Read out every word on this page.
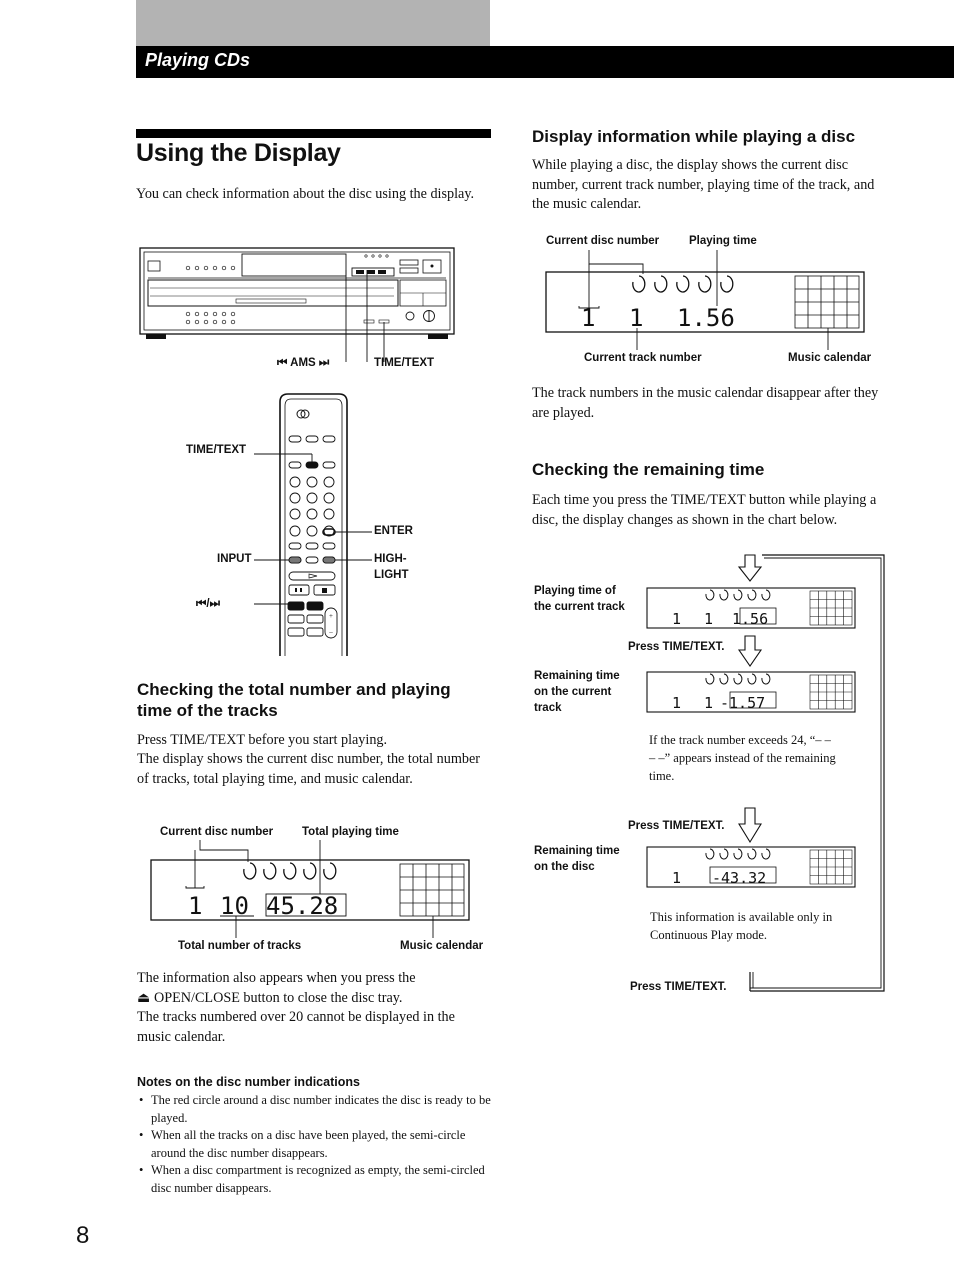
Playing CDs
Using the Display
You can check information about the disc using the display.
⏮ AMS ⏭	TIME/TEXT
+
–
TIME/TEXT
ENTER
INPUT	HIGH-
LIGHT
⏮/⏭
Checking the total number and playing time of the tracks
Press TIME/TEXT before you start playing.
The display shows the current disc number, the total number of tracks, total playing time, and music calendar.
Current disc number	Total playing time
1 10 45.28
Total number of tracks	Music calendar
The information also appears when you press the
⏏ OPEN/CLOSE button to close the disc tray.
The tracks numbered over 20 cannot be displayed in the music calendar.
Notes on the disc number indications
• The red circle around a disc number indicates the disc is ready to be played.
• When all the tracks on a disc have been played, the semi-circle around the disc number disappears.
• When a disc compartment is recognized as empty, the semi-circled disc number disappears.
Display information while playing a disc
While playing a disc, the display shows the current disc number, current track number, playing time of the track, and the music calendar.
Current disc number	Playing time
1 1 1.56
Current track number	Music calendar
The track numbers in the music calendar disappear after they are played.
Checking the remaining time
Each time you press the TIME/TEXT button while playing a disc, the display changes as shown in the chart below.
1 1 1.56
1 1 -1.57
1 -43.32
Playing time of
the current track
Press TIME/TEXT.
Remaining time
on the current
track
If the track number exceeds 24, “– – – –” appears instead of the remaining time.
Press TIME/TEXT.
Remaining time
on the disc
This information is available only in Continuous Play mode.
Press TIME/TEXT.
8
